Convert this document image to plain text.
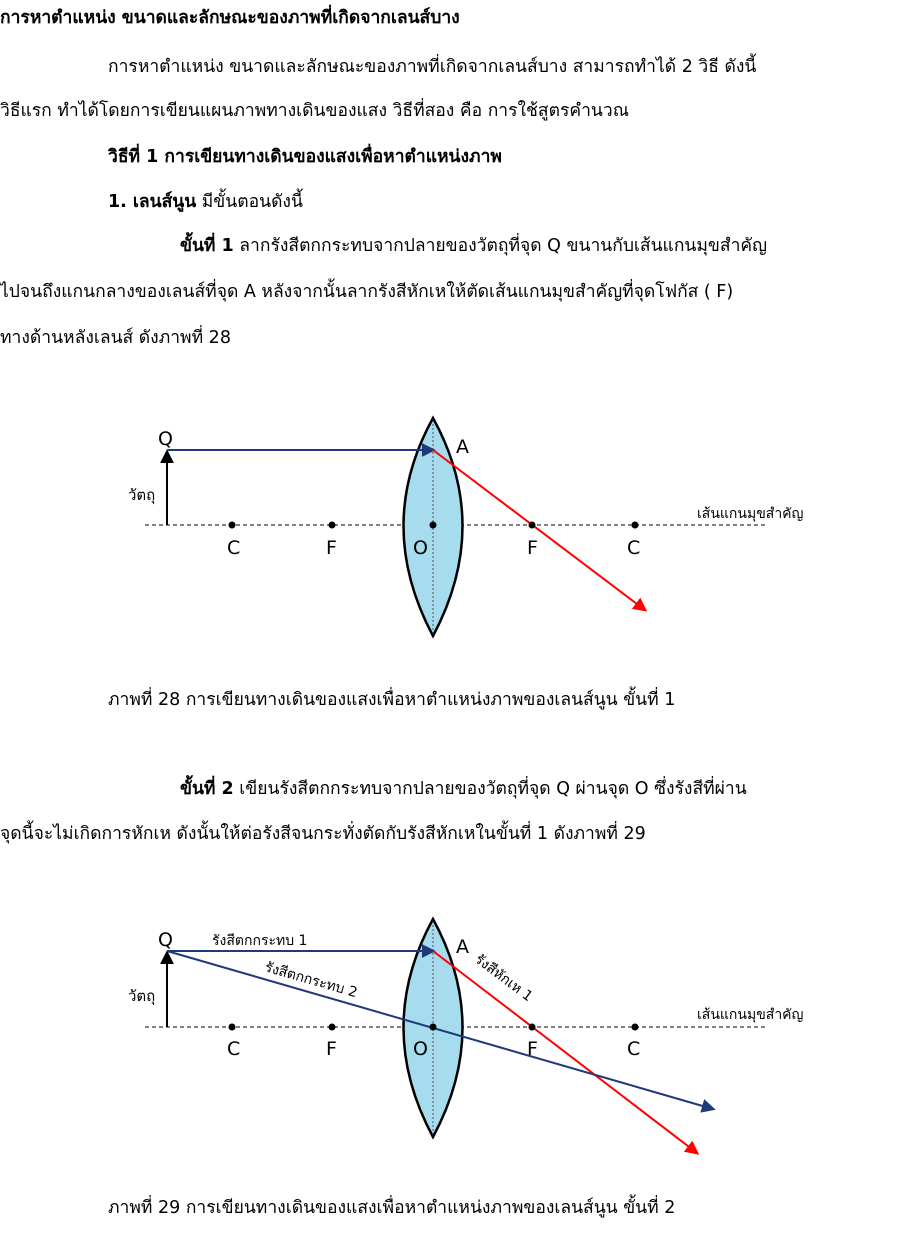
การหาตำแหน่ง ขนาดและลักษณะของภาพที่เกิดจากเลนส์บาง
การหาตำแหน่ง ขนาดและลักษณะของภาพที่เกิดจากเลนส์บาง สามารถทำได้ 2 วิธี ดังนี้
วิธีแรก ทำได้โดยการเขียนแผนภาพทางเดินของแสง วิธีที่สอง คือ การใช้สูตรคำนวณ
วิธีที่ 1 การเขียนทางเดินของแสงเพื่อหาตำแหน่งภาพ
1. เลนส์นูน มีขั้นตอนดังนี้
ขั้นที่ 1 ลากรังสีตกกระทบจากปลายของวัตถุที่จุด Q ขนานกับเส้นแกนมุขสำคัญ
ไปจนถึงแกนกลางของเลนส์ที่จุด A หลังจากนั้นลากรังสีหักเหให้ตัดเส้นแกนมุขสำคัญที่จุดโฟกัส ( F)
ทางด้านหลังเลนส์ ดังภาพที่ 28
Q	A
วัตถุ
เส้นแกนมุขสำคัญ
C	F	O	F	C
ภาพที่ 28 การเขียนทางเดินของแสงเพื่อหาตำแหน่งภาพของเลนส์นูน ขั้นที่ 1
ขั้นที่ 2 เขียนรังสีตกกระทบจากปลายของวัตถุที่จุด Q ผ่านจุด O ซึ่งรังสีที่ผ่าน
จุดนี้จะไม่เกิดการหักเห ดังนั้นให้ต่อรังสีจนกระทั่งตัดกับรังสีหักเหในขั้นที่ 1 ดังภาพที่ 29
Q	A
วัตถุ
เส้นแกนมุขสำคัญ
รังสีตกกระทบ 1
รังสีตกกระทบ 2	รังสีหักเห 1
C	F	O	F	C
ภาพที่ 29 การเขียนทางเดินของแสงเพื่อหาตำแหน่งภาพของเลนส์นูน ขั้นที่ 2
